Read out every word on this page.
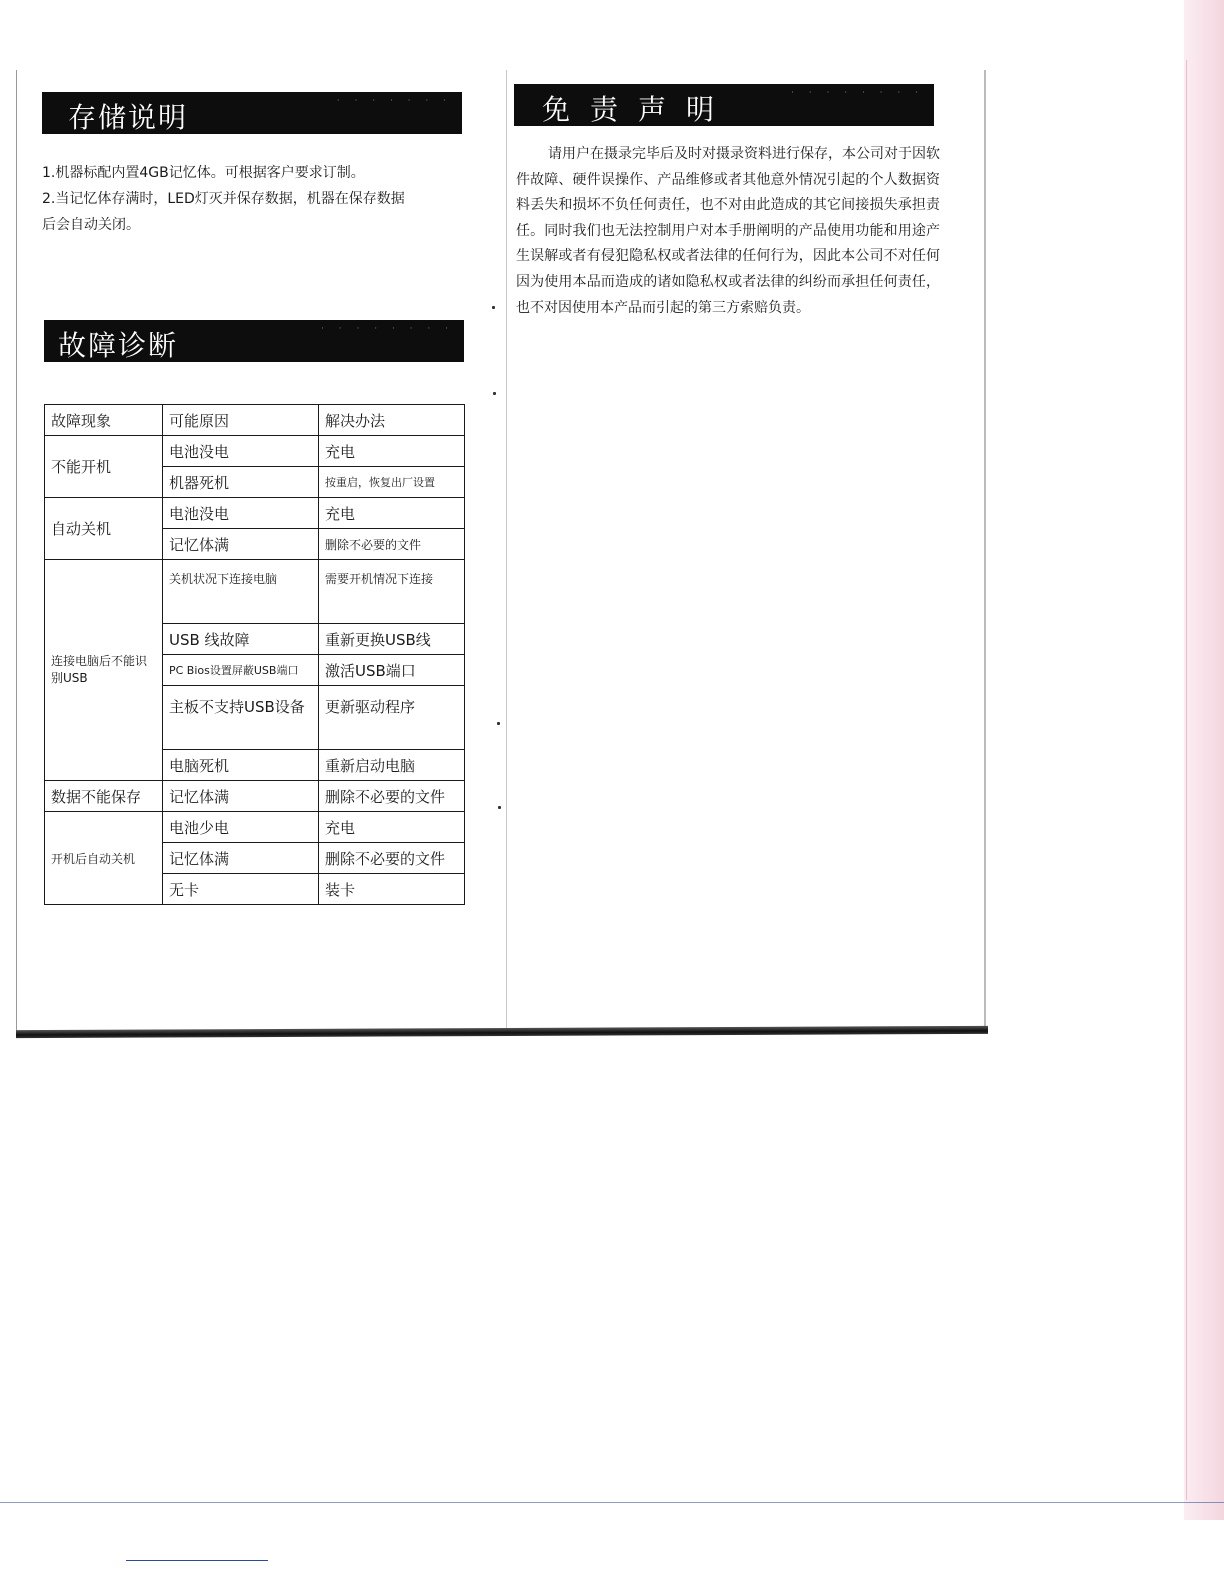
存储说明	· · · · · · ·
1.机器标配内置4GB记忆体。可根据客户要求订制。
2.当记忆体存满时，LED灯灭并保存数据，机器在保存数据
后会自动关闭。
故障诊断	· · · · · · · ·
故障现象	可能原因	解决办法
不能开机	电池没电	充电
	机器死机	按重启，恢复出厂设置
自动关机	电池没电	充电
	记忆体满	删除不必要的文件
连接电脑后不能识别USB	关机状况下连接电脑	需要开机情况下连接
	USB 线故障	重新更换USB线
	PC Bios设置屏蔽USB端口	激活USB端口
	主板不支持USB设备	更新驱动程序
	电脑死机	重新启动电脑
数据不能保存	记忆体满	删除不必要的文件
开机后自动关机	电池少电	充电
	记忆体满	删除不必要的文件
	无卡	装卡
免责声明	· · · · · · · ·
请用户在摄录完毕后及时对摄录资料进行保存，本公司对于因软件故障、硬件误操作、产品维修或者其他意外情况引起的个人数据资料丢失和损坏不负任何责任，也不对由此造成的其它间接损失承担责任。同时我们也无法控制用户对本手册阐明的产品使用功能和用途产生误解或者有侵犯隐私权或者法律的任何行为，因此本公司不对任何因为使用本品而造成的诸如隐私权或者法律的纠纷而承担任何责任，也不对因使用本产品而引起的第三方索赔负责。
